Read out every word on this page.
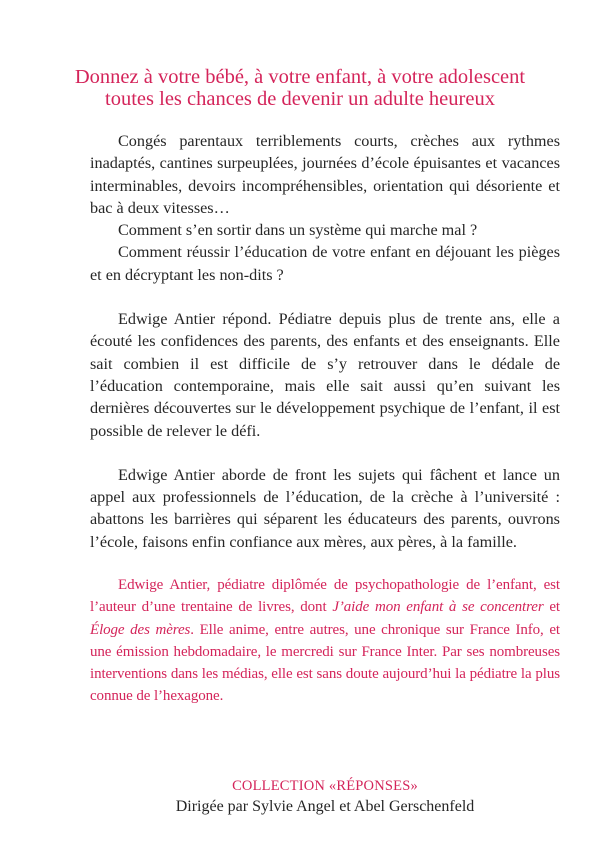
Donnez à votre bébé, à votre enfant, à votre adolescent
toutes les chances de devenir un adulte heureux

Congés parentaux terriblements courts, crèches aux rythmes inadaptés, cantines surpeuplées, journées d’école épuisantes et vacances interminables, devoirs incompréhensibles, orientation qui désoriente et bac à deux vitesses…

Comment s’en sortir dans un système qui marche mal ?

Comment réussir l’éducation de votre enfant en déjouant les pièges et en décryptant les non-dits ?

Edwige Antier répond. Pédiatre depuis plus de trente ans, elle a écouté les confidences des parents, des enfants et des enseignants. Elle sait combien il est difficile de s’y retrouver dans le dédale de l’éducation contemporaine, mais elle sait aussi qu’en suivant les dernières découvertes sur le développement psychique de l’enfant, il est possible de relever le défi.

Edwige Antier aborde de front les sujets qui fâchent et lance un appel aux professionnels de l’éducation, de la crèche à l’université : abattons les barrières qui séparent les éducateurs des parents, ouvrons l’école, faisons enfin confiance aux mères, aux pères, à la famille.

Edwige Antier, pédiatre diplômée de psychopathologie de l’enfant, est l’auteur d’une trentaine de livres, dont J’aide mon enfant à se concentrer et Éloge des mères. Elle anime, entre autres, une chronique sur France Info, et une émission hebdomadaire, le mercredi sur France Inter. Par ses nombreuses interventions dans les médias, elle est sans doute aujourd’hui la pédiatre la plus connue de l’hexagone.

COLLECTION «RÉPONSES»
Dirigée par Sylvie Angel et Abel Gerschenfeld
